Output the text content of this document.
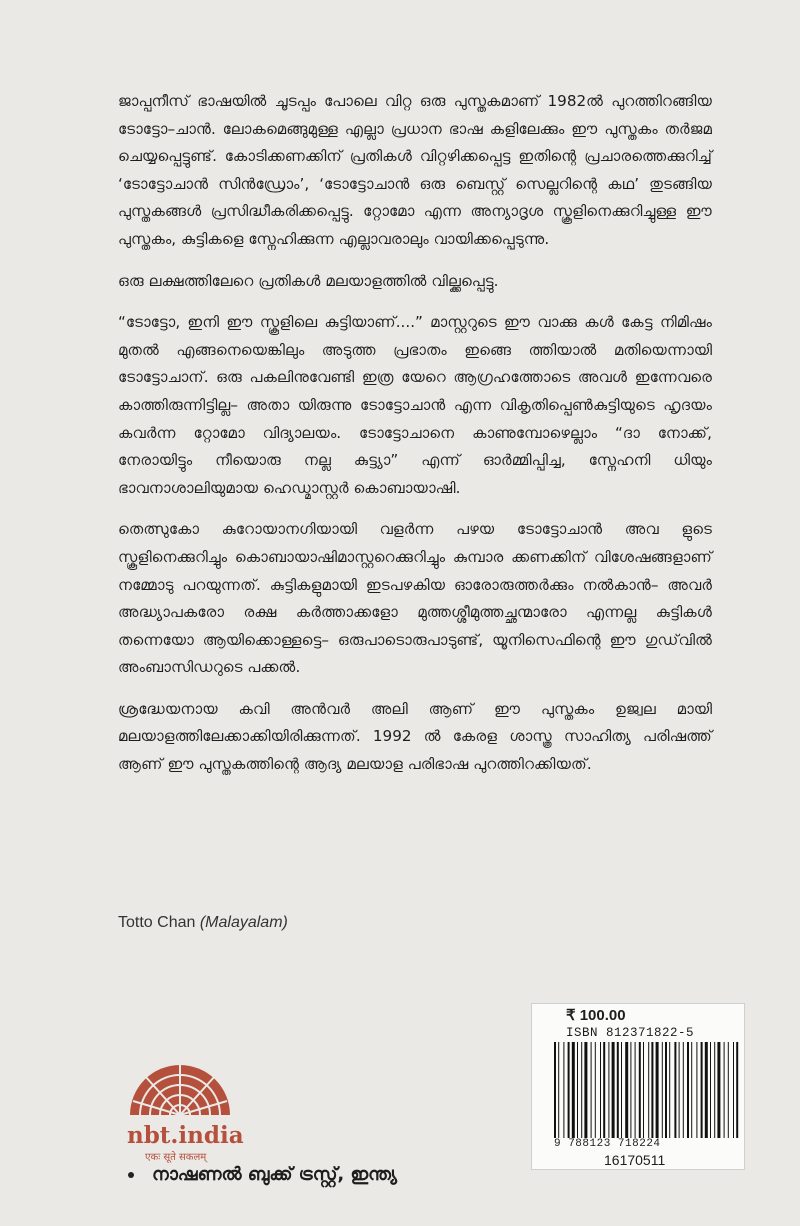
ജാപ്പനീസ് ഭാഷയിൽ ചൂടപ്പം പോലെ വിറ്റ ഒരു പുസ്തകമാണ് 1982ൽ പുറത്തിറങ്ങിയ ടോട്ടോ–ചാൻ. ലോകമെങ്ങുമുള്ള എല്ലാ പ്രധാന ഭാഷ കളിലേക്കും ഈ പുസ്തകം തർജമ ചെയ്യപ്പെട്ടുണ്ട്. കോടിക്കണക്കിന് പ്രതികൾ വിറ്റഴിക്കപ്പെട്ട ഇതിന്റെ പ്രചാരത്തെക്കുറിച്ച് ‘ടോട്ടോചാൻ സിൻഡ്രോം’, ‘ടോട്ടോചാൻ ഒരു ബെസ്റ്റ് സെല്ലറിന്റെ കഥ’ തുടങ്ങിയ പുസ്തകങ്ങൾ പ്രസിദ്ധീകരിക്കപ്പെട്ടു. റ്റോമോ എന്ന അന്യാദൃശ സ്കൂളിനെക്കുറിച്ചുള്ള ഈ പുസ്തകം, കുട്ടികളെ സ്നേഹിക്കുന്ന എല്ലാവരാലും വായിക്കപ്പെടുന്നു.

ഒരു ലക്ഷത്തിലേറെ പ്രതികൾ മലയാളത്തിൽ വില്ക്കപ്പെട്ടു.

“ടോട്ടോ, ഇനി ഈ സ്കൂളിലെ കുട്ടിയാണ്....” മാസ്റ്ററുടെ ഈ വാക്കു കൾ കേട്ട നിമിഷം മുതൽ എങ്ങനെയെങ്കിലും അടുത്ത പ്രഭാതം ഇങ്ങെ ത്തിയാൽ മതിയെന്നായി ടോട്ടോചാന്. ഒരു പകലിനുവേണ്ടി ഇത്ര യേറെ ആഗ്രഹത്തോടെ അവൾ ഇന്നേവരെ കാത്തിരുന്നിട്ടില്ല– അതാ യിരുന്നു ടോട്ടോചാൻ എന്ന വികൃതിപ്പെൺകുട്ടിയുടെ ഹൃദയം കവർന്ന റ്റോമോ വിദ്യാലയം. ടോട്ടോചാനെ കാണുമ്പോഴെല്ലാം “ദാ നോക്ക്, നേരായിട്ടും നീയൊരു നല്ല കുട്ട്യാ” എന്ന് ഓർമ്മിപ്പിച്ച, സ്നേഹനി ധിയും ഭാവനാശാലിയുമായ ഹെഡ്മാസ്റ്റർ കൊബായാഷി.

തെത്സുകോ കുറോയാനഗിയായി വളർന്ന പഴയ ടോട്ടോചാൻ അവ ളുടെ സ്കൂളിനെക്കുറിച്ചും കൊബായാഷിമാസ്റ്ററെക്കുറിച്ചും കുമ്പാര ക്കണക്കിന് വിശേഷങ്ങളാണ് നമ്മോടു പറയുന്നത്. കുട്ടികളുമായി ഇടപഴകിയ ഓരോരുത്തർക്കും നൽകാൻ– അവർ അദ്ധ്യാപകരോ രക്ഷ കർത്താക്കളോ മുത്തശ്ശീമുത്തച്ഛന്മാരോ എന്നല്ല കുട്ടികൾ തന്നെയോ ആയിക്കൊള്ളട്ടെ– ഒരുപാടൊരുപാടുണ്ട്, യൂനിസെഫിന്റെ ഈ ഗുഡ്‌വിൽ അംബാസിഡറുടെ പക്കൽ.

ശ്രദ്ധേയനായ കവി അൻവർ അലി ആണ് ഈ പുസ്തകം ഉജ്വല മായി മലയാളത്തിലേക്കാക്കിയിരിക്കുന്നത്. 1992 ൽ കേരള ശാസ്ത്ര സാഹിത്യ പരിഷത്ത് ആണ് ഈ പുസ്തകത്തിന്റെ ആദ്യ മലയാള പരിഭാഷ പുറത്തിറക്കിയത്.

Totto Chan (Malayalam)
₹ 100.00
ISBN 812371822-5
9 788123 718224
16170511
nbt.india
एकः सूते सकलम्
നാഷണൽ ബുക്ക് ട്രസ്റ്റ്, ഇന്ത്യ
